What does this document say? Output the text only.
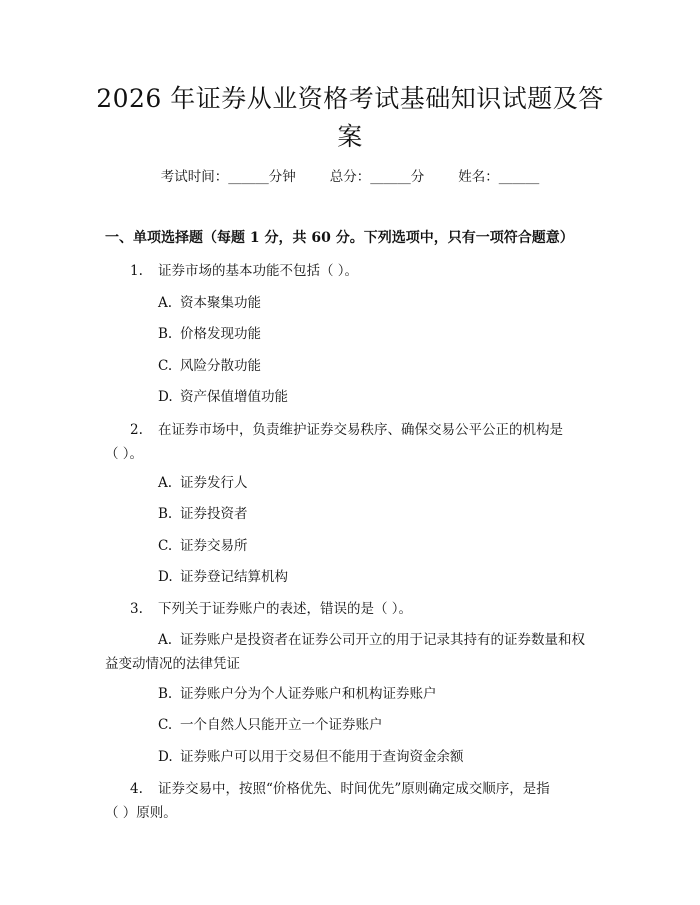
2026 年证券从业资格考试基础知识试题及答
案
考试时间：______分钟	总分：______分	姓名：______
一、单项选择题（每题 1 分，共 60 分。下列选项中，只有一项符合题意）
1. 证券市场的基本功能不包括（ ）。
A. 资本聚集功能
B. 价格发现功能
C. 风险分散功能
D. 资产保值增值功能
2. 在证券市场中，负责维护证券交易秩序、确保交易公平公正的机构是
（ ）。
A. 证券发行人
B. 证券投资者
C. 证券交易所
D. 证券登记结算机构
3. 下列关于证券账户的表述，错误的是（ ）。
A. 证券账户是投资者在证券公司开立的用于记录其持有的证券数量和权
益变动情况的法律凭证
B. 证券账户分为个人证券账户和机构证券账户
C. 一个自然人只能开立一个证券账户
D. 证券账户可以用于交易但不能用于查询资金余额
4. 证券交易中，按照“价格优先、时间优先”原则确定成交顺序，是指
（ ）原则。
